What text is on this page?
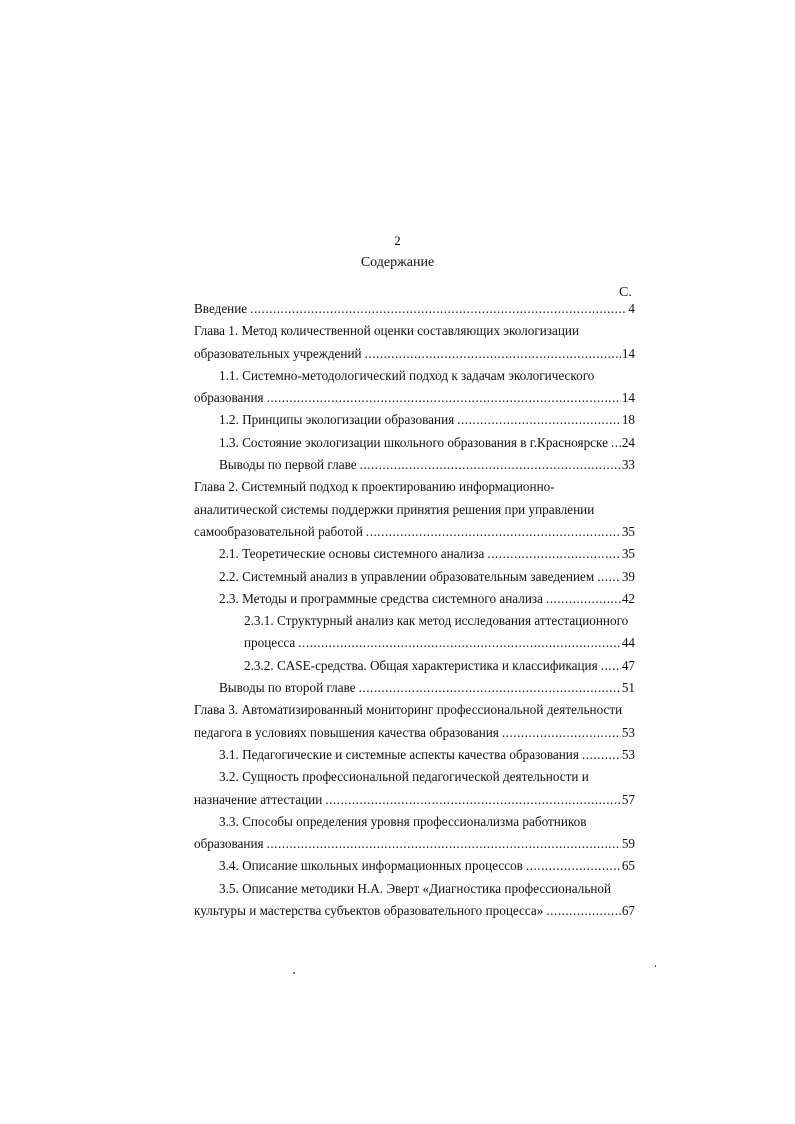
2
Содержание
С.
Введение .....	4
Глава 1. Метод количественной оценки составляющих экологизации
образовательных учреждений .....	14
1.1. Системно-методологический подход к задачам экологического
образования .....	14
1.2. Принципы экологизации образования .....	18
1.3. Состояние экологизации школьного образования в г.Красноярске ..... 24
Выводы по первой главе .....	33
Глава 2. Системный подход к проектированию информационно-
аналитической системы поддержки принятия решения при управлении
самообразовательной работой .....	35
2.1. Теоретические основы системного анализа .....	35
2.2. Системный анализ в управлении образовательным заведением ..... 39
2.3. Методы и программные средства системного анализа .....	42
2.3.1. Структурный анализ как метод исследования аттестационного
процесса .....	44
2.3.2. CASE-средства. Общая характеристика и классификация ..... 47
Выводы по второй главе .....	51
Глава 3. Автоматизированный мониторинг профессиональной деятельности
педагога в условиях повышения качества образования .....	53
3.1. Педагогические и системные аспекты качества образования .....	53
3.2. Сущность профессиональной педагогической деятельности и
назначение аттестации .....	57
3.3. Способы определения уровня профессионализма работников
образования .....	59
3.4. Описание школьных информационных процессов .....	65
3.5. Описание методики Н.А. Эверт «Диагностика профессиональной
культуры и мастерства субъектов образовательного процесса» .....	67
